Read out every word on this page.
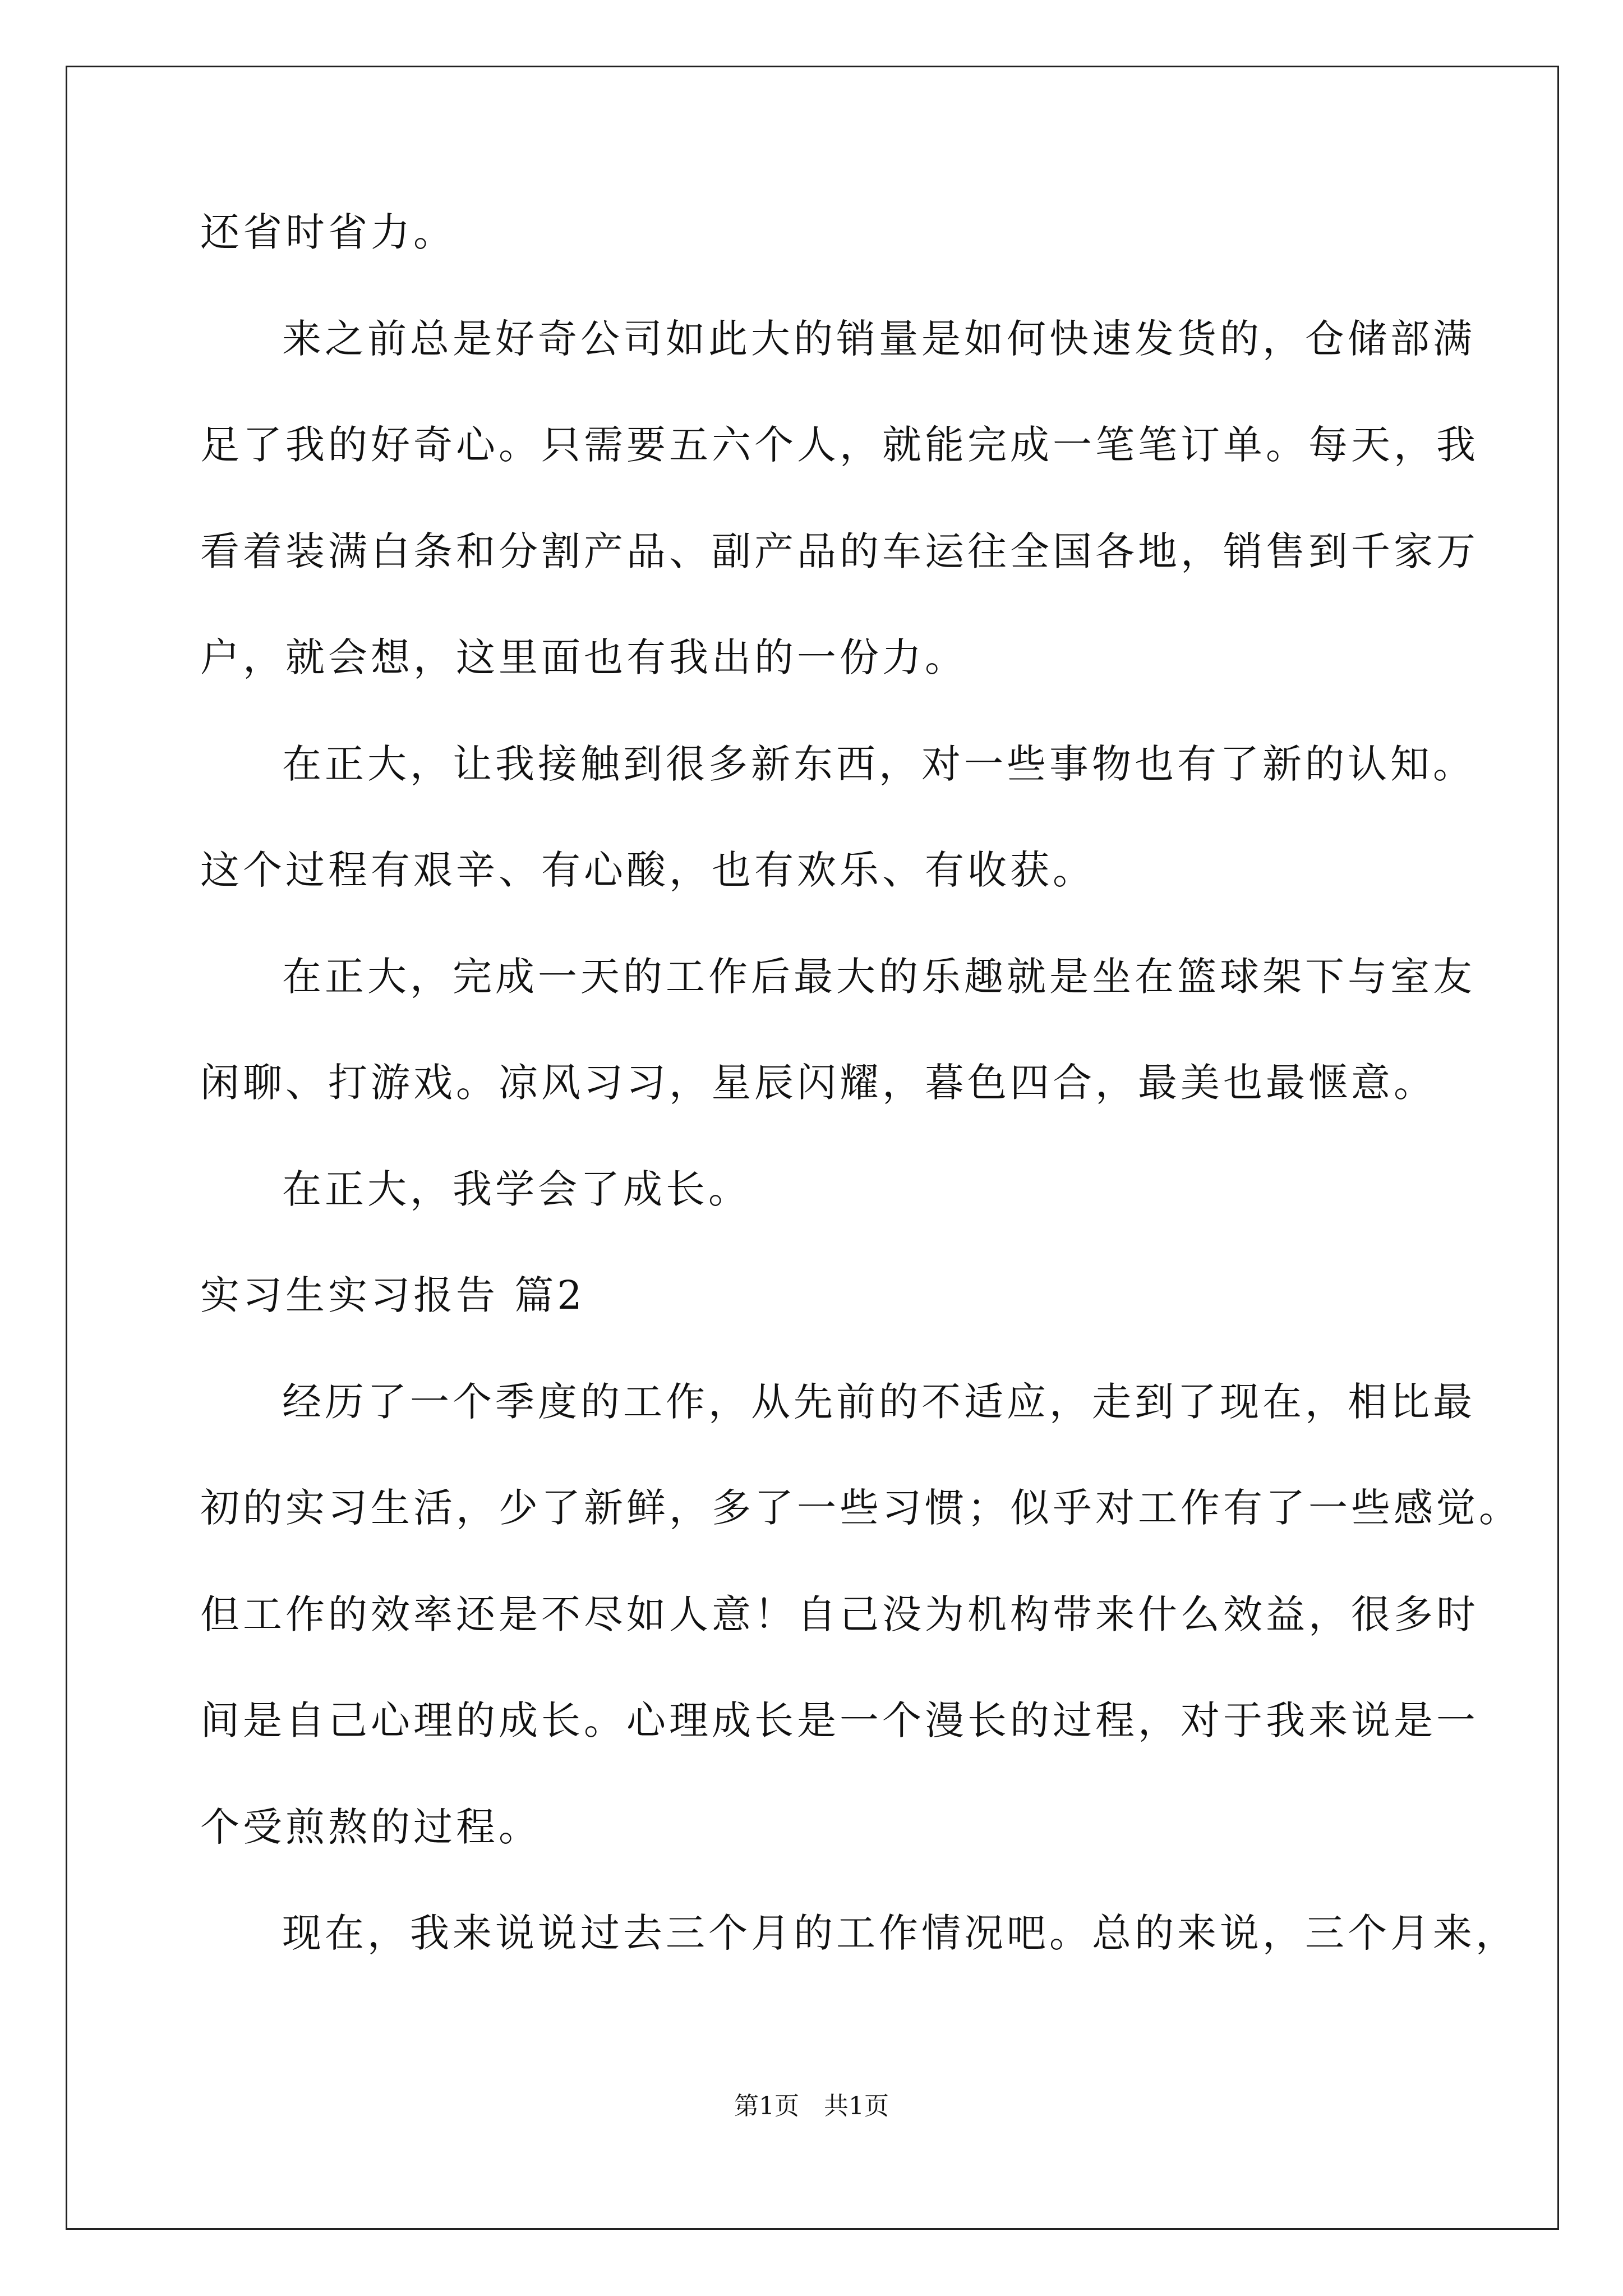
还省时省力。
来之前总是好奇公司如此大的销量是如何快速发货的，仓储部满
足了我的好奇心。只需要五六个人，就能完成一笔笔订单。每天，我
看着装满白条和分割产品、副产品的车运往全国各地，销售到千家万
户，就会想，这里面也有我出的一份力。
在正大，让我接触到很多新东西，对一些事物也有了新的认知。
这个过程有艰辛、有心酸，也有欢乐、有收获。
在正大，完成一天的工作后最大的乐趣就是坐在篮球架下与室友
闲聊、打游戏。凉风习习，星辰闪耀，暮色四合，最美也最惬意。
在正大，我学会了成长。
实习生实习报告 篇2
经历了一个季度的工作，从先前的不适应，走到了现在，相比最
初的实习生活，少了新鲜，多了一些习惯；似乎对工作有了一些感觉。
但工作的效率还是不尽如人意！自己没为机构带来什么效益，很多时
间是自己心理的成长。心理成长是一个漫长的过程，对于我来说是一
个受煎熬的过程。
现在，我来说说过去三个月的工作情况吧。总的来说，三个月来，
第1页　共1页
